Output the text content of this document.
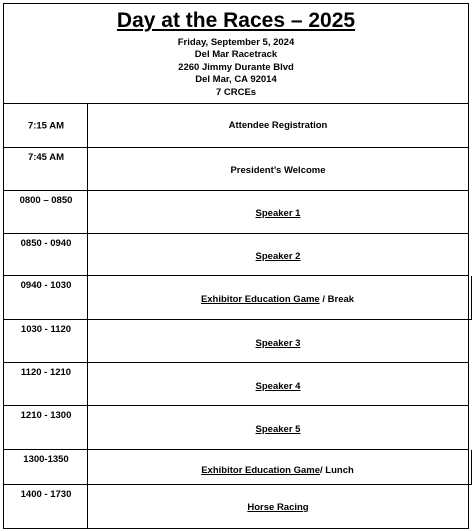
Day at the Races – 2025
Friday, September 5, 2024
Del Mar Racetrack
2260 Jimmy Durante Blvd
Del Mar, CA 92014
7 CRCEs
7:15 AM	Attendee Registration
7:45 AM
President’s Welcome
0800 – 0850
Speaker 1
0850 - 0940
Speaker 2
0940 - 1030
Exhibitor Education Game / Break
1030 - 1120
Speaker 3
1120 - 1210
Speaker 4
1210 - 1300
Speaker 5
1300-1350
Exhibitor Education Game/ Lunch
1400 - 1730
Horse Racing
